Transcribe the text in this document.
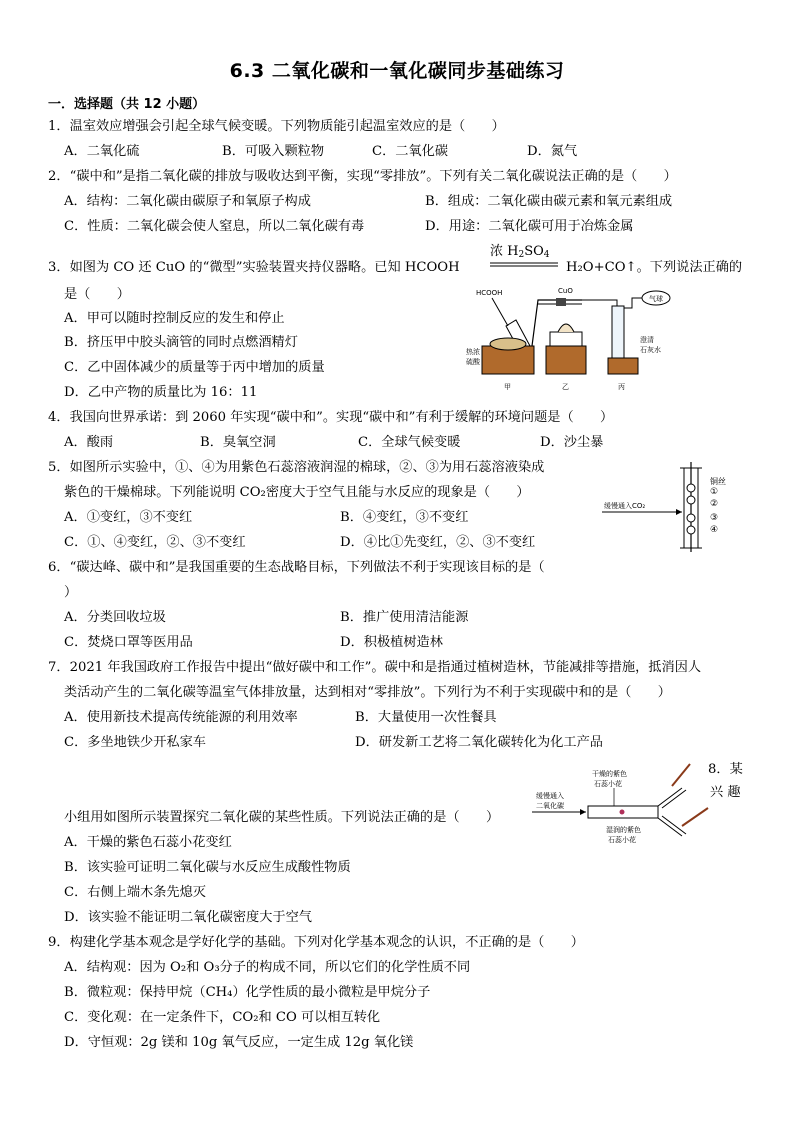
6.3 二氧化碳和一氧化碳同步基础练习
一．选择题（共 12 小题）
1．温室效应增强会引起全球气候变暖。下列物质能引起温室效应的是（　　）
A．二氧化硫	B．可吸入颗粒物	C．二氧化碳	D．氮气
2．“碳中和”是指二氧化碳的排放与吸收达到平衡，实现“零排放”。下列有关二氧化碳说法正确的是（　　）
A．结构：二氧化碳由碳原子和氧原子构成	B．组成：二氧化碳由碳元素和氧元素组成
C．性质：二氧化碳会使人窒息，所以二氧化碳有毒	D．用途：二氧化碳可用于冶炼金属
3．如图为 CO 还 CuO 的“微型”实验装置夹持仪器略。已知 HCOOH
浓 $H_2SO_4$
H₂O+CO↑。下列说法正确的
是（　　）
A．甲可以随时控制反应的发生和停止
B．挤压甲中胶头滴管的同时点燃酒精灯
C．乙中固体减少的质量等于丙中增加的质量
D．乙中产物的质量比为 16：11
HCOOH	CuO
热浓
硫酸
气球
澄清
石灰水
甲	乙	丙
4．我国向世界承诺：到 2060 年实现“碳中和”。实现“碳中和”有利于缓解的环境问题是（　　）
A．酸雨	B．臭氧空洞	C．全球气候变暖	D．沙尘暴
5．如图所示实验中，①、④为用紫色石蕊溶液润湿的棉球，②、③为用石蕊溶液染成
紫色的干燥棉球。下列能说明 CO₂密度大于空气且能与水反应的现象是（　　）
A．①变红，③不变红	B．④变红，③不变红
C．①、④变红，②、③不变红	D．④比①先变红，②、③不变红
缓慢通入CO₂
①
②
③
④
铜丝
6．“碳达峰、碳中和”是我国重要的生态战略目标，下列做法不利于实现该目标的是（
）
A．分类回收垃圾	B．推广使用清洁能源
C．焚烧口罩等医用品	D．积极植树造林
7．2021 年我国政府工作报告中提出“做好碳中和工作”。碳中和是指通过植树造林，节能减排等措施，抵消因人
类活动产生的二氧化碳等温室气体排放量，达到相对“零排放”。下列行为不利于实现碳中和的是（　　）
A．使用新技术提高传统能源的利用效率	B．大量使用一次性餐具
C．多坐地铁少开私家车	D．研发新工艺将二氧化碳转化为化工产品
8．某
兴 趣
小组用如图所示装置探究二氧化碳的某些性质。下列说法正确的是（　　）
A．干燥的紫色石蕊小花变红
B．该实验可证明二氧化碳与水反应生成酸性物质
C．右侧上端木条先熄灭
D．该实验不能证明二氧化碳密度大于空气
缓慢通入
二氧化碳
干燥的紫色
石蕊小花
湿润的紫色
石蕊小花
9．构建化学基本观念是学好化学的基础。下列对化学基本观念的认识，不正确的是（　　）
A．结构观：因为 O₂和 O₃分子的构成不同，所以它们的化学性质不同
B．微粒观：保持甲烷（CH₄）化学性质的最小微粒是甲烷分子
C．变化观：在一定条件下，CO₂和 CO 可以相互转化
D．守恒观：2g 镁和 10g 氧气反应，一定生成 12g 氧化镁
